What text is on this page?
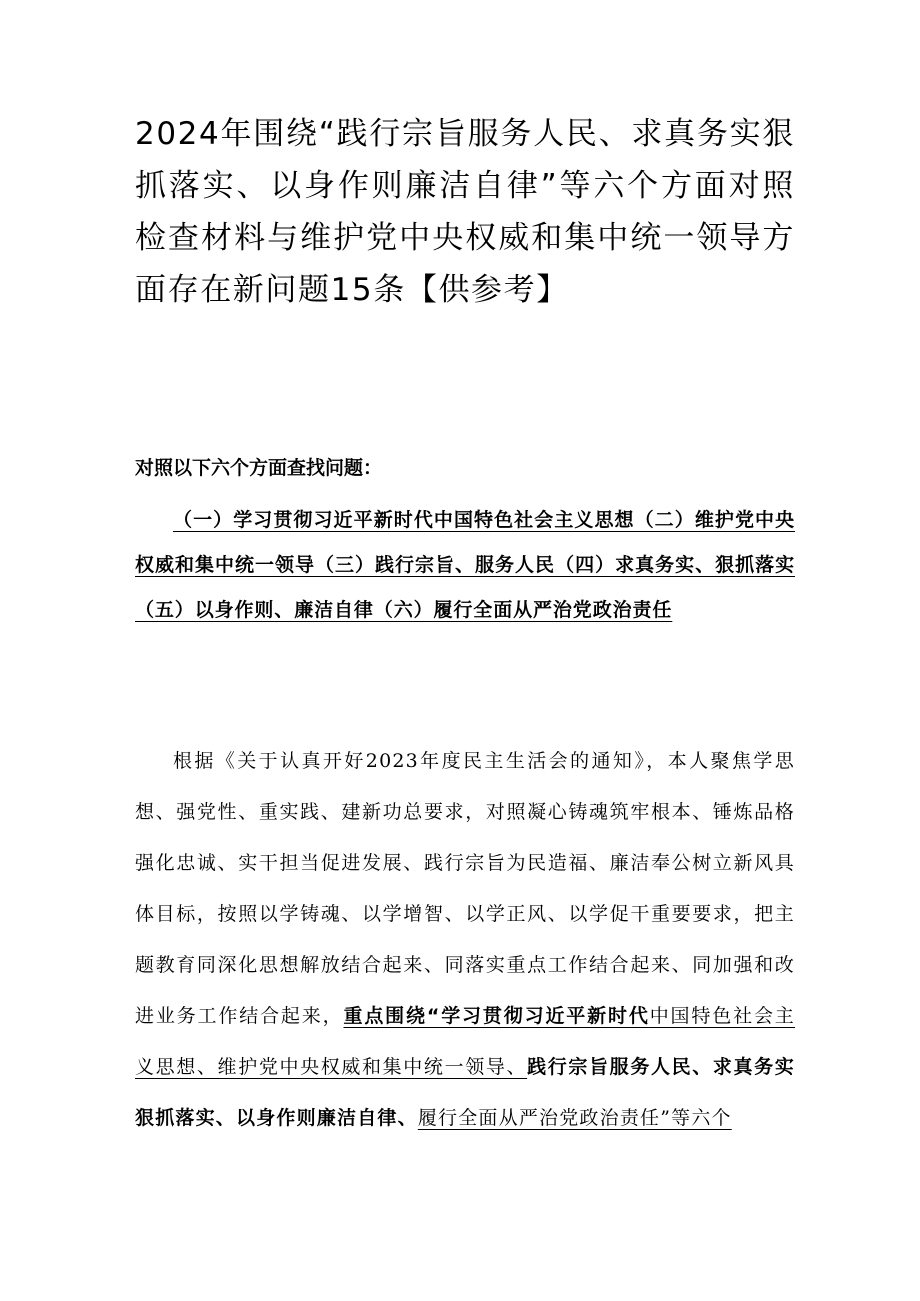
2024年围绕“践行宗旨服务人民、求真务实狠抓落实、以身作则廉洁自律”等六个方面对照检查材料与维护党中央权威和集中统一领导方面存在新问题15条【供参考】

对照以下六个方面查找问题：

（一）学习贯彻习近平新时代中国特色社会主义思想（二）维护党中央权威和集中统一领导（三）践行宗旨、服务人民（四）求真务实、狠抓落实（五）以身作则、廉洁自律（六）履行全面从严治党政治责任

根据《关于认真开好2023年度民主生活会的通知》，本人聚焦学思想、强党性、重实践、建新功总要求，对照凝心铸魂筑牢根本、锤炼品格强化忠诚、实干担当促进发展、践行宗旨为民造福、廉洁奉公树立新风具体目标，按照以学铸魂、以学增智、以学正风、以学促干重要要求，把主题教育同深化思想解放结合起来、同落实重点工作结合起来、同加强和改进业务工作结合起来，重点围绕“学习贯彻习近平新时代中国特色社会主义思想、维护党中央权威和集中统一领导、践行宗旨服务人民、求真务实狠抓落实、以身作则廉洁自律、履行全面从严治党政治责任”等六个
